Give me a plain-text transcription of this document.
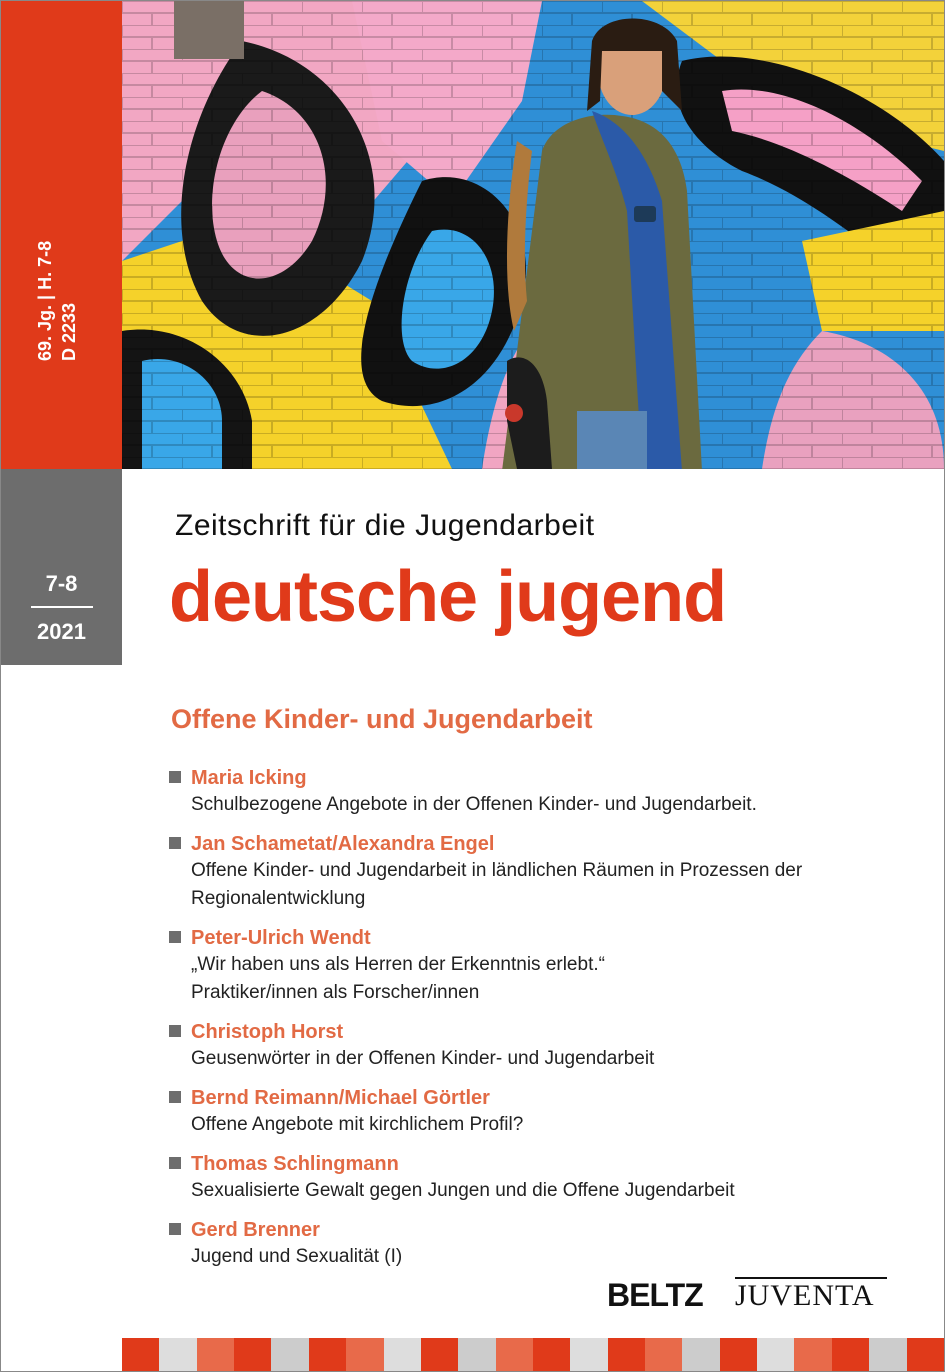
69. Jg. | H. 7-8 D 2233
7-8
2021
Zeitschrift für die Jugendarbeit
deutsche jugend
Offene Kinder- und Jugendarbeit
Maria Icking
Schulbezogene Angebote in der Offenen Kinder- und Jugendarbeit.
Jan Schametat/Alexandra Engel
Offene Kinder- und Jugendarbeit in ländlichen Räumen in Prozessen der
Regionalentwicklung
Peter-Ulrich Wendt
„Wir haben uns als Herren der Erkenntnis erlebt.“
Praktiker/innen als Forscher/innen
Christoph Horst
Geusenwörter in der Offenen Kinder- und Jugendarbeit
Bernd Reimann/Michael Görtler
Offene Angebote mit kirchlichem Profil?
Thomas Schlingmann
Sexualisierte Gewalt gegen Jungen und die Offene Jugendarbeit
Gerd Brenner
Jugend und Sexualität (I)
BELTZ JUVENTA
